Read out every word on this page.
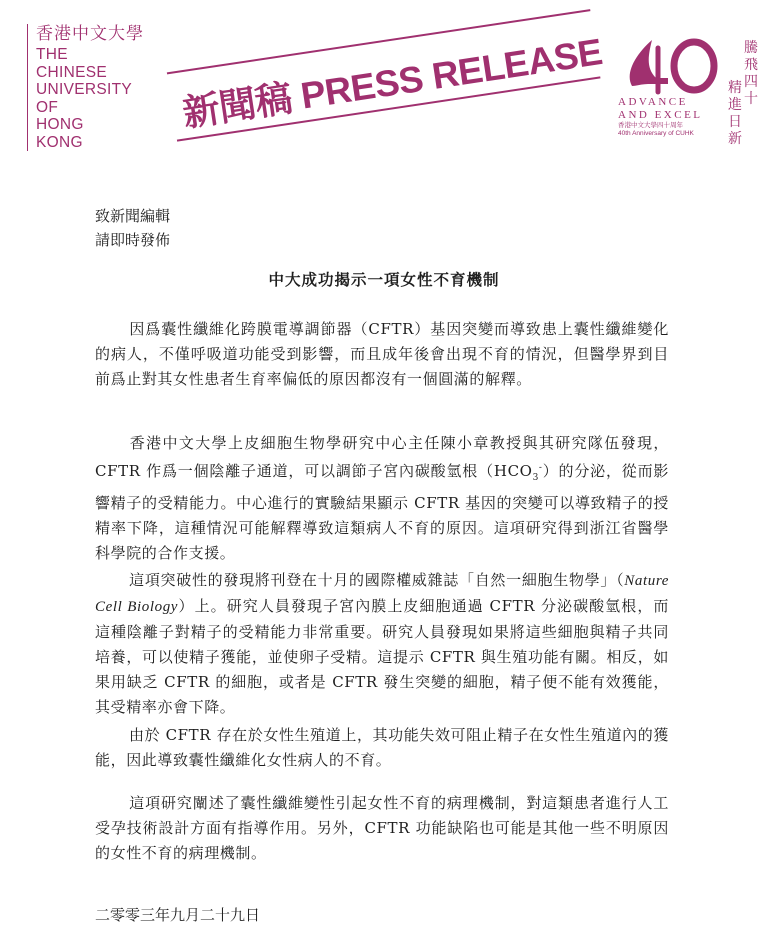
香港中文大學
THE
CHINESE
UNIVERSITY
OF
HONG
KONG
新聞稿 PRESS RELEASE ADVANCE
AND EXCEL
香港中文大學四十周年
40th Anniversary of CUHK
騰飛四十
精進日新
致新聞編輯
請即時發佈
中大成功揭示一項女性不育機制
因爲囊性纖維化跨膜電導調節器（CFTR）基因突變而導致患上囊性纖維變化的病人，不僅呼吸道功能受到影響，而且成年後會出現不育的情況，但醫學界到目前爲止對其女性患者生育率偏低的原因都沒有一個圓滿的解釋。
香港中文大學上皮細胞生物學研究中心主任陳小章教授與其研究隊伍發現，CFTR 作爲一個陰離子通道，可以調節子宮內碳酸氫根$(HCO_3^-)$的分泌，從而影響精子的受精能力。中心進行的實驗結果顯示 CFTR 基因的突變可以導致精子的授精率下降，這種情況可能解釋導致這類病人不育的原因。這項研究得到浙江省醫學科學院的合作支援。
這項突破性的發現將刊登在十月的國際權威雜誌「自然一細胞生物學」（Nature Cell Biology）上。研究人員發現子宮內膜上皮細胞通過 CFTR 分泌碳酸氫根，而這種陰離子對精子的受精能力非常重要。研究人員發現如果將這些細胞與精子共同培養，可以使精子獲能，並使卵子受精。這提示 CFTR 與生殖功能有關。相反，如果用缺乏 CFTR 的細胞，或者是 CFTR 發生突變的細胞，精子便不能有效獲能，其受精率亦會下降。
由於 CFTR 存在於女性生殖道上，其功能失效可阻止精子在女性生殖道內的獲能，因此導致囊性纖維化女性病人的不育。
這項研究闡述了囊性纖維變性引起女性不育的病理機制，對這類患者進行人工受孕技術設計方面有指導作用。另外，CFTR 功能缺陷也可能是其他一些不明原因的女性不育的病理機制。
二零零三年九月二十九日
